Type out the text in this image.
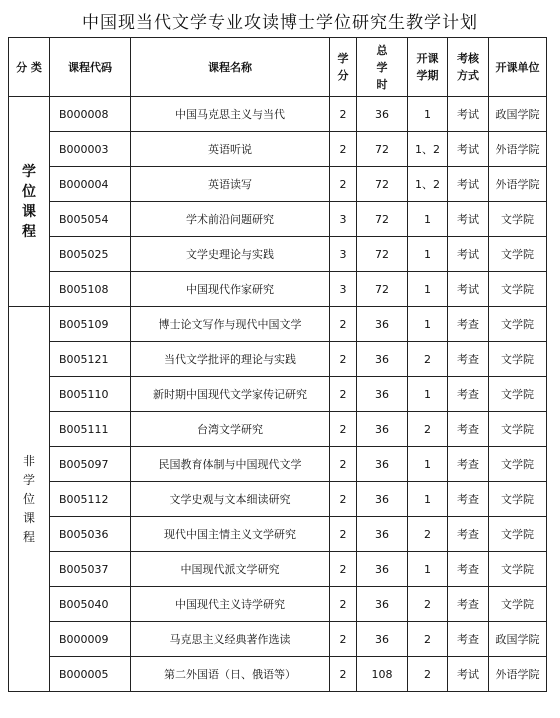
中国现当代文学专业攻读博士学位研究生教学计划
分 类	课程代码	课程名称	学分	总学时	开课学期	考核方式	开课单位
学位课程	B000008	中国马克思主义与当代	2	36	1	考试	政国学院
	B000003	英语听说	2	72	1、2	考试	外语学院
	B000004	英语读写	2	72	1、2	考试	外语学院
	B005054	学术前沿问题研究	3	72	1	考试	文学院
	B005025	文学史理论与实践	3	72	1	考试	文学院
	B005108	中国现代作家研究	3	72	1	考试	文学院
非学位课程	B005109	博士论文写作与现代中国文学	2	36	1	考查	文学院
	B005121	当代文学批评的理论与实践	2	36	2	考查	文学院
	B005110	新时期中国现代文学家传记研究	2	36	1	考查	文学院
	B005111	台湾文学研究	2	36	2	考查	文学院
	B005097	民国教育体制与中国现代文学	2	36	1	考查	文学院
	B005112	文学史观与文本细读研究	2	36	1	考查	文学院
	B005036	现代中国主情主义文学研究	2	36	2	考查	文学院
	B005037	中国现代派文学研究	2	36	1	考查	文学院
	B005040	中国现代主义诗学研究	2	36	2	考查	文学院
	B000009	马克思主义经典著作选读	2	36	2	考查	政国学院
	B000005	第二外国语（日、俄语等）	2	108	2	考试	外语学院
